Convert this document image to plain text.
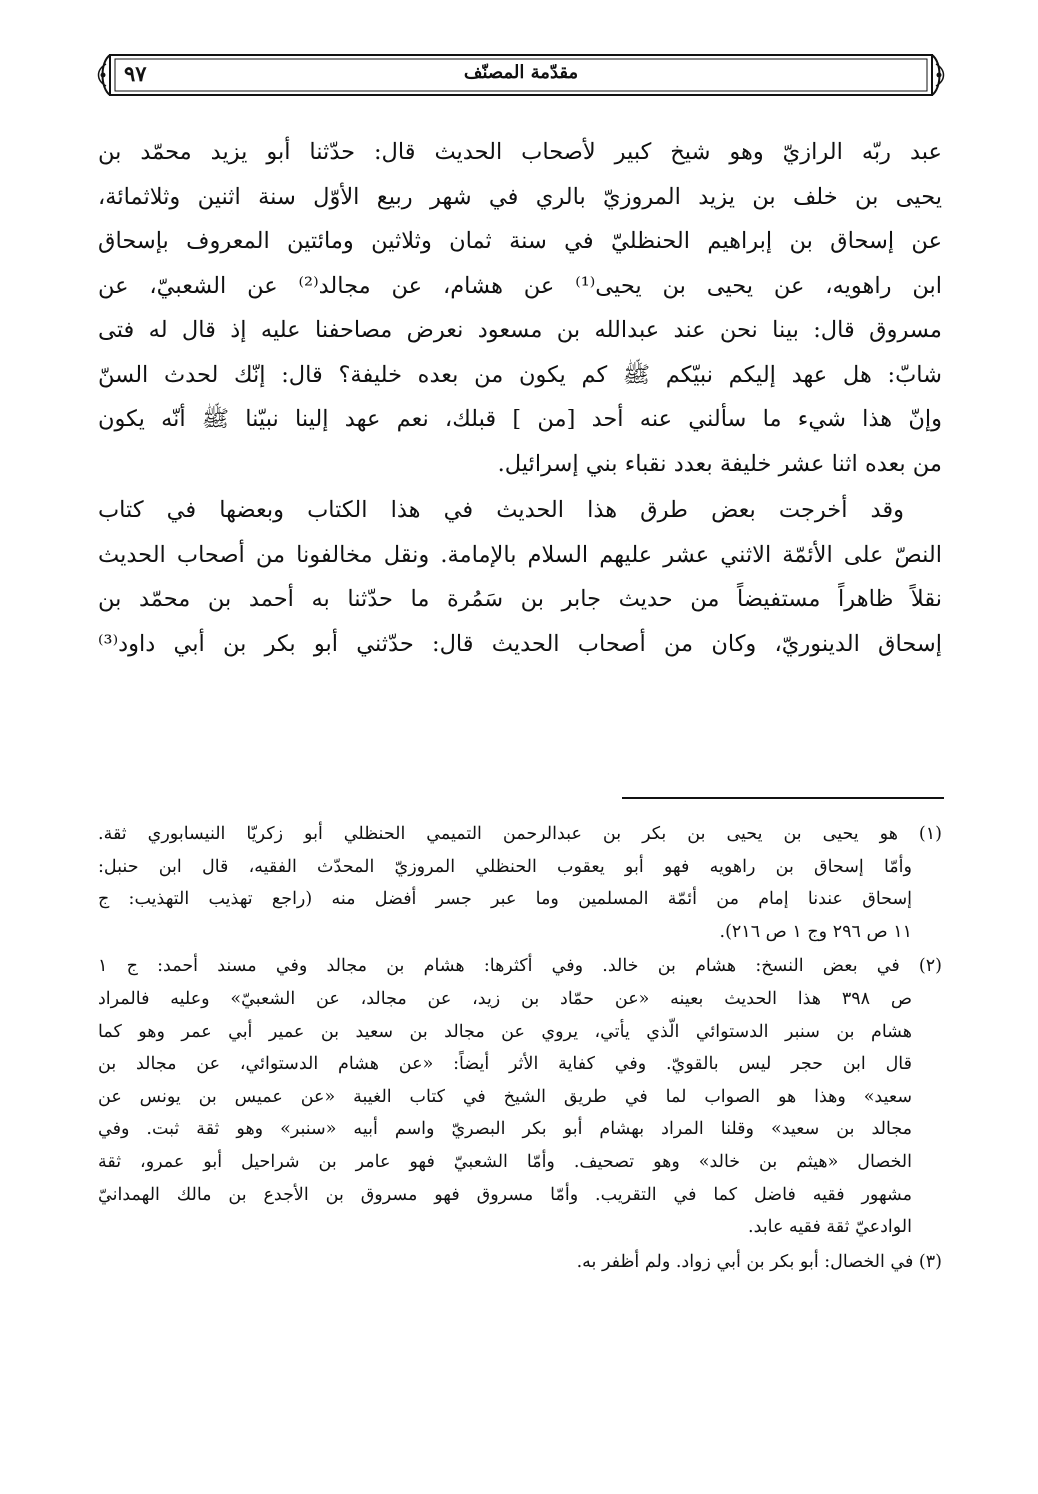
مقدّمة المصنّف
٩٧
عبد ربّه الرازيّ وهو شيخ كبير لأصحاب الحديث قال: حدّثنا أبو يزيد محمّد بن
يحيى بن خلف بن يزيد المروزيّ بالري في شهر ربيع الأوّل سنة اثنين وثلاثمائة،
عن إسحاق بن إبراهيم الحنظليّ في سنة ثمان وثلاثين ومائتين المعروف بإسحاق
ابن راهويه، عن يحيى بن يحيى⁽¹⁾ عن هشام، عن مجالد⁽²⁾ عن الشعبيّ، عن
مسروق قال: بينا نحن عند عبدالله بن مسعود نعرض مصاحفنا عليه إذ قال له فتى
شابّ: هل عهد إليكم نبيّكم ﷺ كم يكون من بعده خليفة؟ قال: إنّك لحدث السنّ
وإنّ هذا شيء ما سألني عنه أحد [من ] قبلك، نعم عهد إلينا نبيّنا ﷺ أنّه يكون
من بعده اثنا عشر خليفة بعدد نقباء بني إسرائيل.
وقد أخرجت بعض طرق هذا الحديث في هذا الكتاب وبعضها في كتاب
النصّ على الأئمّة الاثني عشر عليهم السلام بالإمامة. ونقل مخالفونا من أصحاب الحديث
نقلاً ظاهراً مستفيضاً من حديث جابر بن سَمُرة ما حدّثنا به أحمد بن محمّد بن
إسحاق الدينوريّ، وكان من أصحاب الحديث قال: حدّثني أبو بكر بن أبي داود⁽³⁾
(١) هو يحيى بن يحيى بن بكر بن عبدالرحمن التميمي الحنظلي أبو زكريّا النيسابوري ثقة.
وأمّا إسحاق بن راهويه فهو أبو يعقوب الحنظلي المروزيّ المحدّث الفقيه، قال ابن حنبل:
إسحاق عندنا إمام من أئمّة المسلمين وما عبر جسر أفضل منه (راجع تهذيب التهذيب: ج
١١ ص ٢٩٦ وج ١ ص ٢١٦).
(٢) في بعض النسخ: هشام بن خالد. وفي أكثرها: هشام بن مجالد وفي مسند أحمد: ج ١
ص ٣٩٨ هذا الحديث بعينه «عن حمّاد بن زيد، عن مجالد، عن الشعبيّ» وعليه فالمراد
هشام بن سنبر الدستوائي الّذي يأتي، يروي عن مجالد بن سعيد بن عمير أبي عمر وهو كما
قال ابن حجر ليس بالقويّ. وفي كفاية الأثر أيضاً: «عن هشام الدستوائي، عن مجالد بن
سعيد» وهذا هو الصواب لما في طريق الشيخ في كتاب الغيبة «عن عميس بن يونس عن
مجالد بن سعيد» وقلنا المراد بهشام أبو بكر البصريّ واسم أبيه «سنبر» وهو ثقة ثبت. وفي
الخصال «هيثم بن خالد» وهو تصحيف. وأمّا الشعبيّ فهو عامر بن شراحيل أبو عمرو، ثقة
مشهور فقيه فاضل كما في التقريب. وأمّا مسروق فهو مسروق بن الأجدع بن مالك الهمدانيّ
الوادعيّ ثقة فقيه عابد.
(٣) في الخصال: أبو بكر بن أبي زواد. ولم أظفر به.
